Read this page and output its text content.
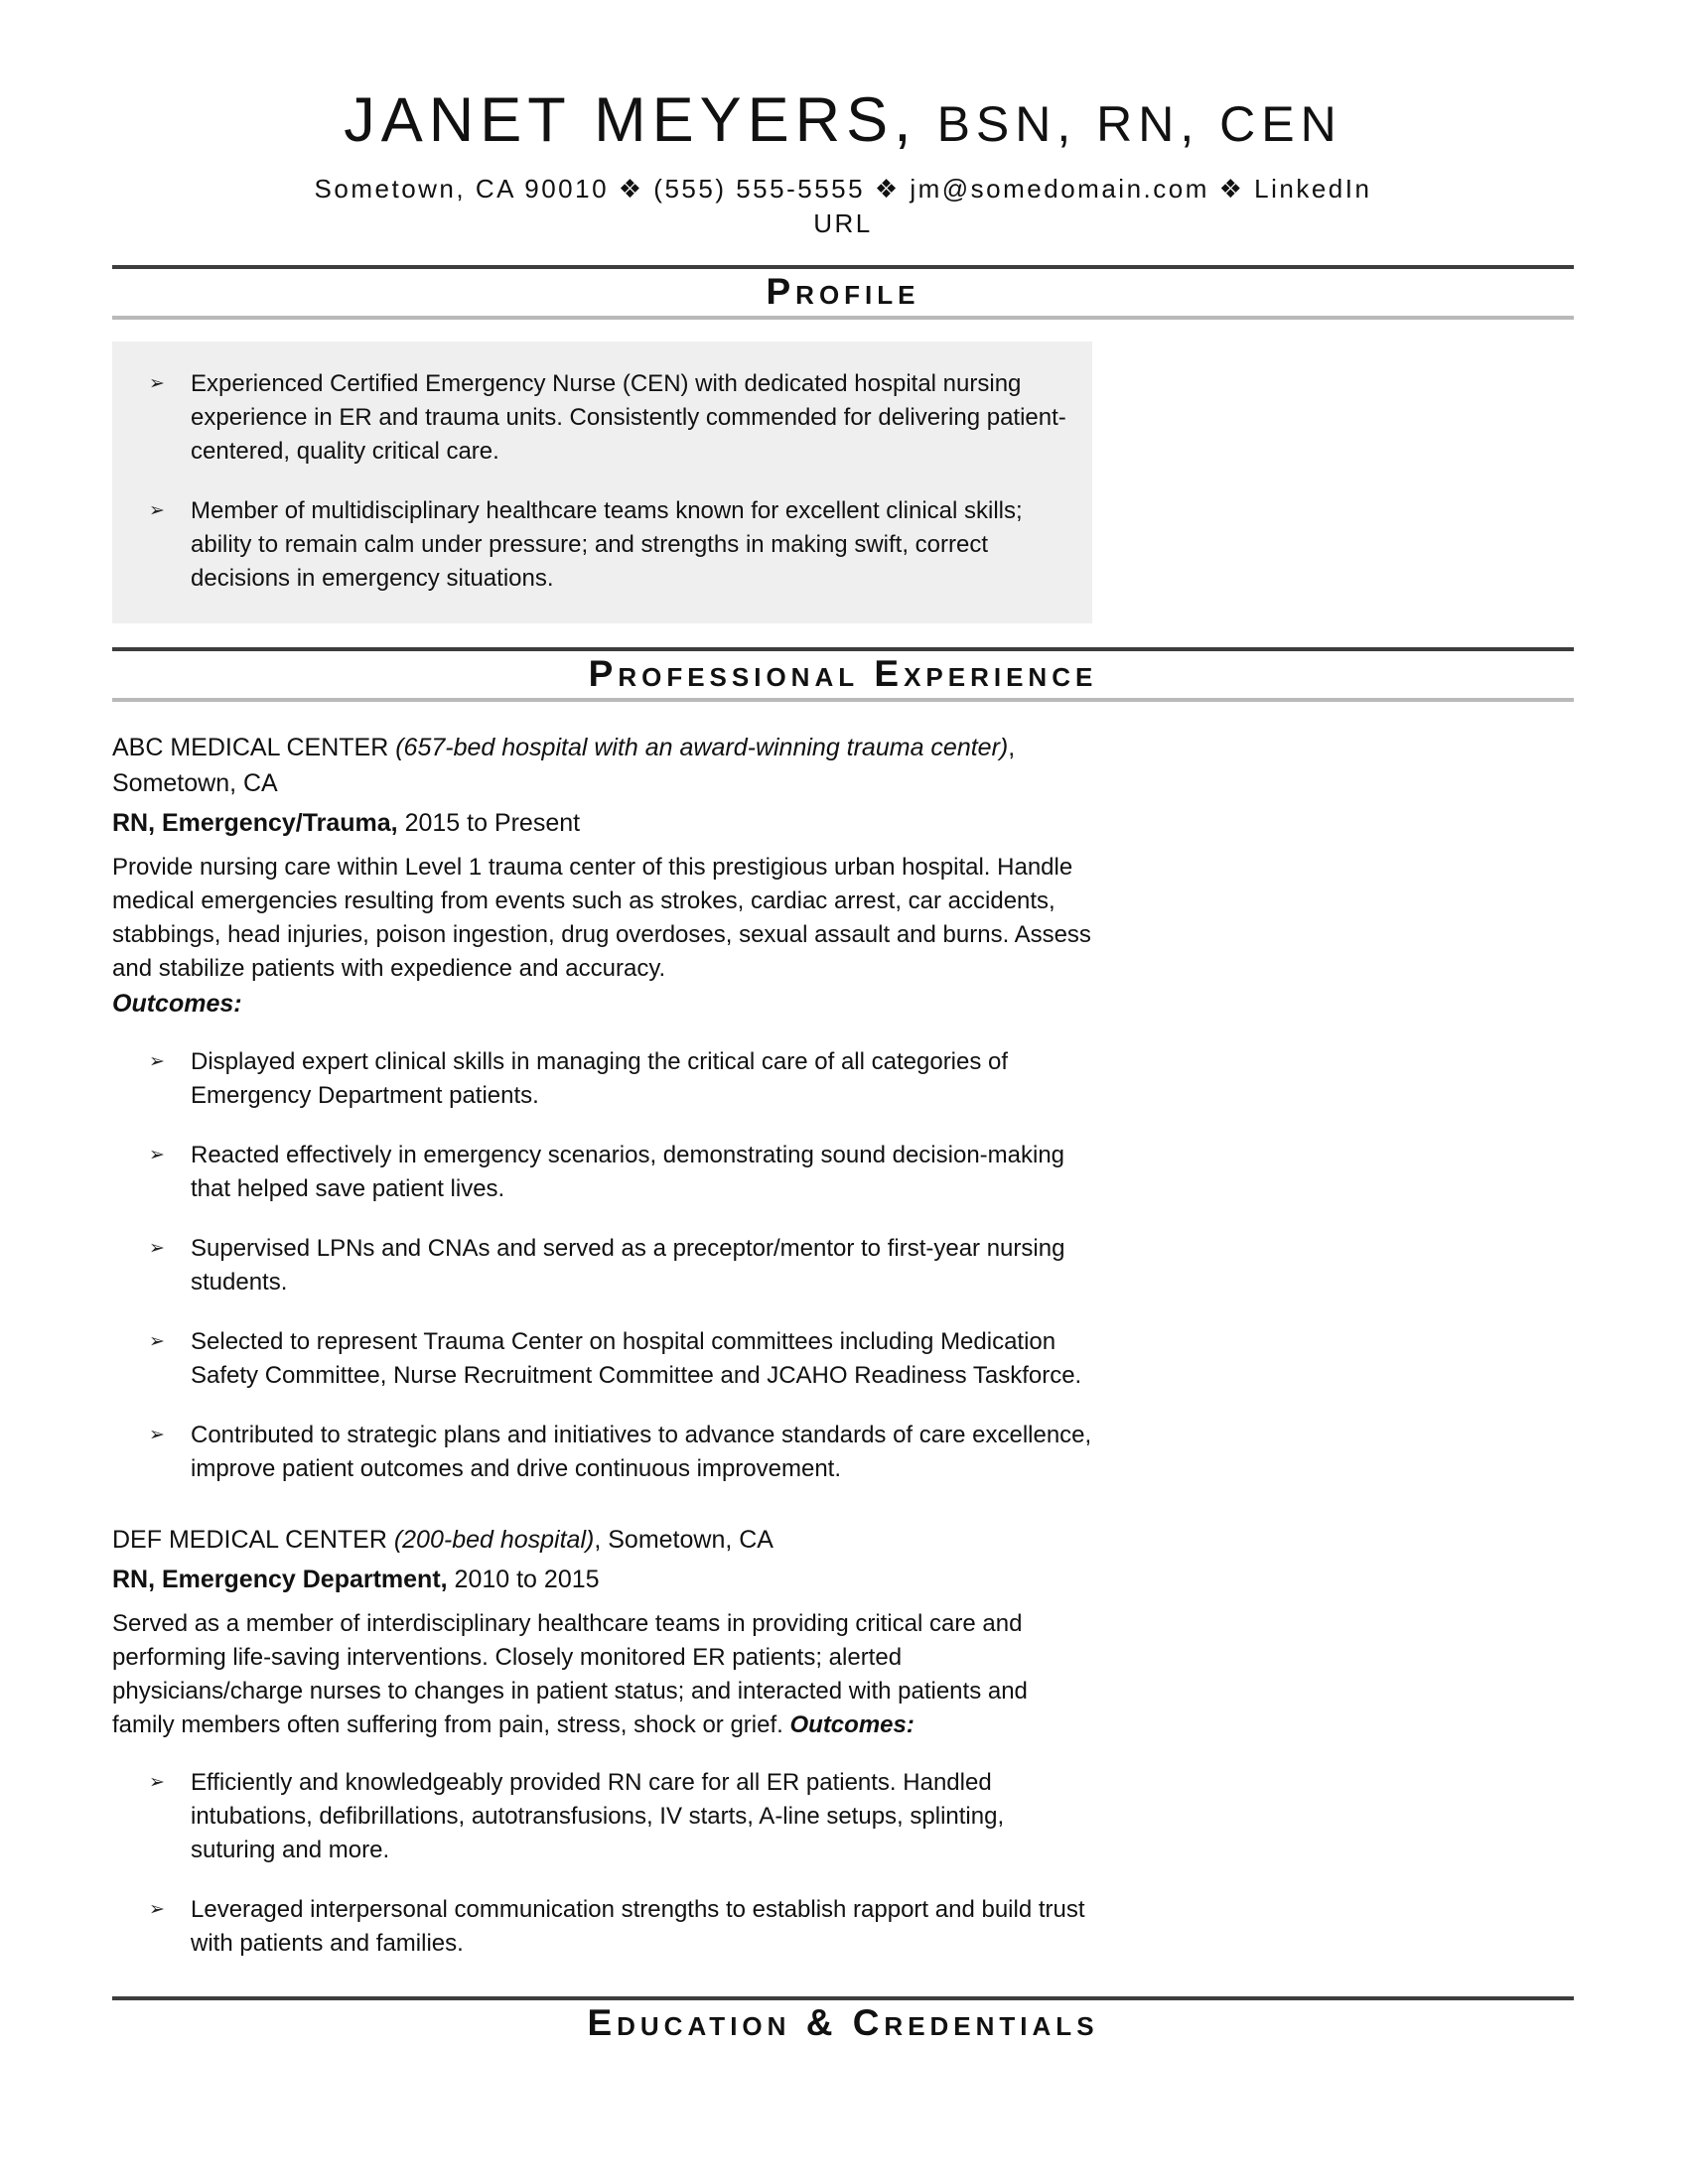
JANET MEYERS, BSN, RN, CEN
Sometown, CA 90010 ❖ (555) 555-5555 ❖ jm@somedomain.com ❖ LinkedIn
URL
Profile
➢	Experienced Certified Emergency Nurse (CEN) with dedicated hospital nursing experience in ER and trauma units. Consistently commended for delivering patient-centered, quality critical care.
➢	Member of multidisciplinary healthcare teams known for excellent clinical skills; ability to remain calm under pressure; and strengths in making swift, correct decisions in emergency situations.
Professional Experience
ABC MEDICAL CENTER (657-bed hospital with an award-winning trauma center), Sometown, CA
RN, Emergency/Trauma, 2015 to Present
Provide nursing care within Level 1 trauma center of this prestigious urban hospital. Handle medical emergencies resulting from events such as strokes, cardiac arrest, car accidents, stabbings, head injuries, poison ingestion, drug overdoses, sexual assault and burns. Assess and stabilize patients with expedience and accuracy.
Outcomes:
➢	Displayed expert clinical skills in managing the critical care of all categories of Emergency Department patients.
➢	Reacted effectively in emergency scenarios, demonstrating sound decision-making that helped save patient lives.
➢	Supervised LPNs and CNAs and served as a preceptor/mentor to first-year nursing students.
➢	Selected to represent Trauma Center on hospital committees including Medication Safety Committee, Nurse Recruitment Committee and JCAHO Readiness Taskforce.
➢	Contributed to strategic plans and initiatives to advance standards of care excellence, improve patient outcomes and drive continuous improvement.
DEF MEDICAL CENTER (200-bed hospital), Sometown, CA
RN, Emergency Department, 2010 to 2015
Served as a member of interdisciplinary healthcare teams in providing critical care and performing life-saving interventions. Closely monitored ER patients; alerted physicians/charge nurses to changes in patient status; and interacted with patients and family members often suffering from pain, stress, shock or grief. Outcomes:
➢	Efficiently and knowledgeably provided RN care for all ER patients. Handled intubations, defibrillations, autotransfusions, IV starts, A-line setups, splinting, suturing and more.
➢	Leveraged interpersonal communication strengths to establish rapport and build trust with patients and families.
Education & Credentials
